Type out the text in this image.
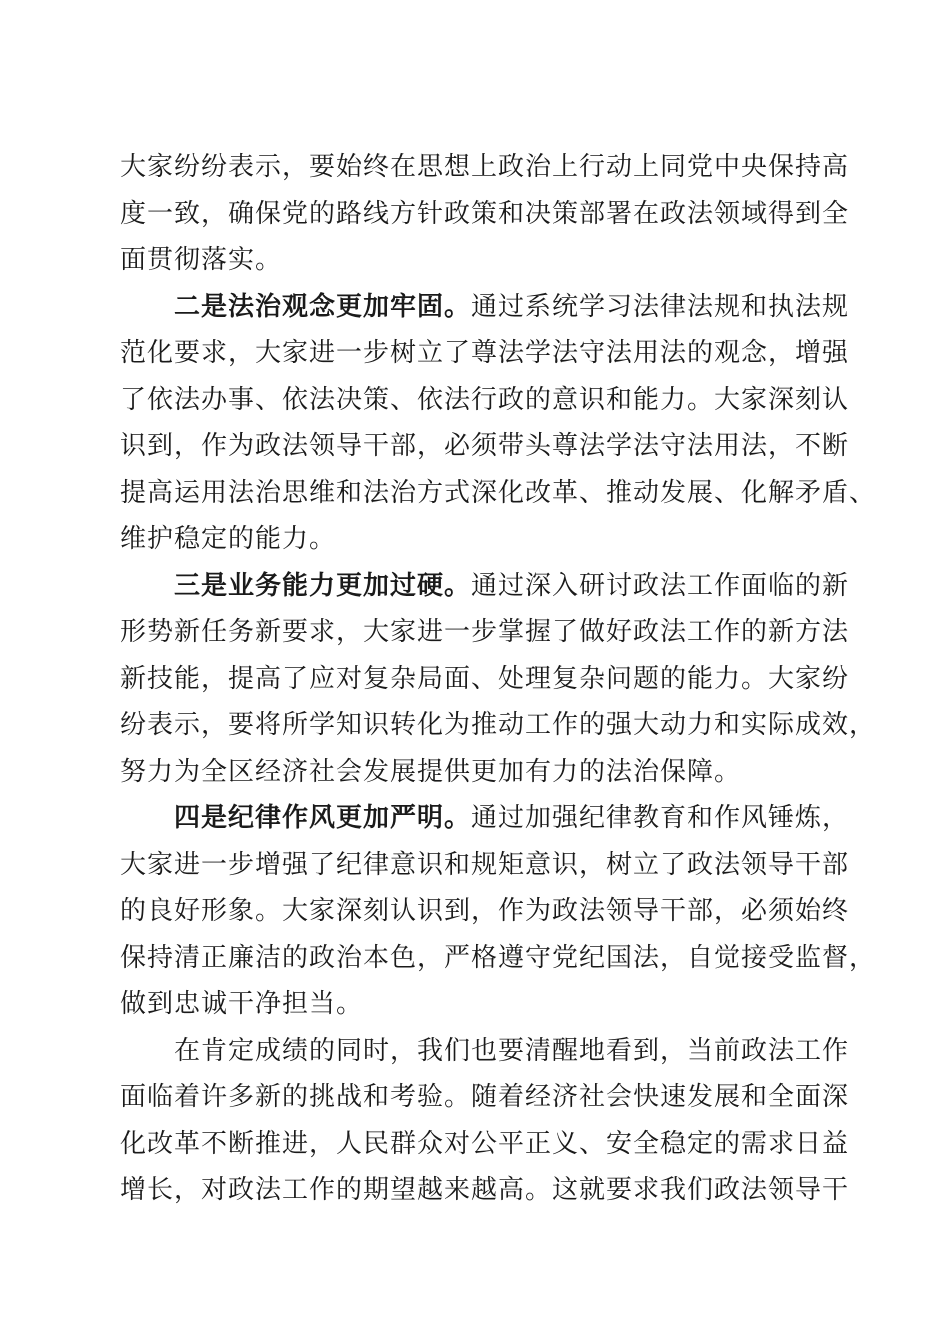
大家纷纷表示，要始终在思想上政治上行动上同党中央保持高
度一致，确保党的路线方针政策和决策部署在政法领域得到全
面贯彻落实。

　　二是法治观念更加牢固。通过系统学习法律法规和执法规
范化要求，大家进一步树立了尊法学法守法用法的观念，增强
了依法办事、依法决策、依法行政的意识和能力。大家深刻认
识到，作为政法领导干部，必须带头尊法学法守法用法，不断
提高运用法治思维和法治方式深化改革、推动发展、化解矛盾、
维护稳定的能力。

　　三是业务能力更加过硬。通过深入研讨政法工作面临的新
形势新任务新要求，大家进一步掌握了做好政法工作的新方法
新技能，提高了应对复杂局面、处理复杂问题的能力。大家纷
纷表示，要将所学知识转化为推动工作的强大动力和实际成效，
努力为全区经济社会发展提供更加有力的法治保障。

　　四是纪律作风更加严明。通过加强纪律教育和作风锤炼，
大家进一步增强了纪律意识和规矩意识，树立了政法领导干部
的良好形象。大家深刻认识到，作为政法领导干部，必须始终
保持清正廉洁的政治本色，严格遵守党纪国法，自觉接受监督，
做到忠诚干净担当。

　　在肯定成绩的同时，我们也要清醒地看到，当前政法工作
面临着许多新的挑战和考验。随着经济社会快速发展和全面深
化改革不断推进，人民群众对公平正义、安全稳定的需求日益
增长，对政法工作的期望越来越高。这就要求我们政法领导干
